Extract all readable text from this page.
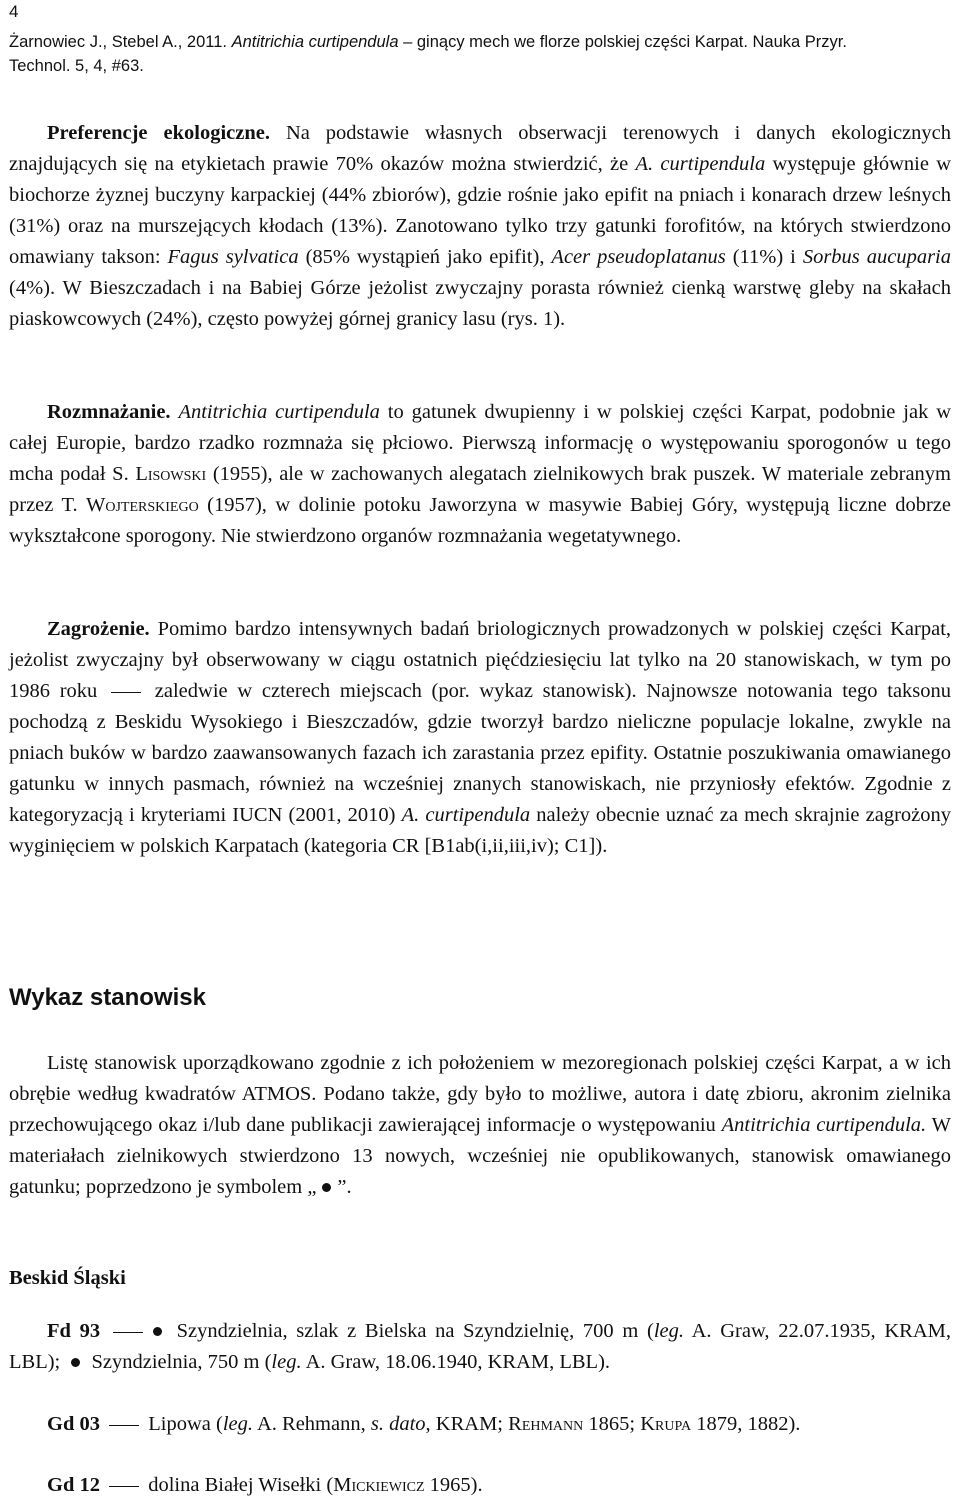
4
Żarnowiec J., Stebel A., 2011. Antitrichia curtipendula – ginący mech we florze polskiej części Karpat. Nauka Przyr.
Technol. 5, 4, #63.
Preferencje ekologiczne. Na podstawie własnych obserwacji terenowych i danych ekologicznych znajdujących się na etykietach prawie 70% okazów można stwierdzić, że A. curtipendula występuje głównie w biochorze żyznej buczyny karpackiej (44% zbiorów), gdzie rośnie jako epifit na pniach i konarach drzew leśnych (31%) oraz na murszejących kłodach (13%). Zanotowano tylko trzy gatunki forofitów, na których stwierdzono omawiany takson: Fagus sylvatica (85% wystąpień jako epifit), Acer pseudoplatanus (11%) i Sorbus aucuparia (4%). W Bieszczadach i na Babiej Górze jeżolist zwyczajny porasta również cienką warstwę gleby na skałach piaskowcowych (24%), często powyżej górnej granicy lasu (rys. 1).
Rozmnażanie. Antitrichia curtipendula to gatunek dwupienny i w polskiej części Karpat, podobnie jak w całej Europie, bardzo rzadko rozmnaża się płciowo. Pierwszą informację o występowaniu sporogonów u tego mcha podał S. Lisowski (1955), ale w zachowanych alegatach zielnikowych brak puszek. W materiale zebranym przez T. Wojterskiego (1957), w dolinie potoku Jaworzyna w masywie Babiej Góry, występują liczne dobrze wykształcone sporogony. Nie stwierdzono organów rozmnażania wegetatywnego.
Zagrożenie. Pomimo bardzo intensywnych badań briologicznych prowadzonych w polskiej części Karpat, jeżolist zwyczajny był obserwowany w ciągu ostatnich pięćdziesięciu lat tylko na 20 stanowiskach, w tym po 1986 roku	zaledwie w czterech miejscach (por. wykaz stanowisk). Najnowsze notowania tego taksonu pochodzą z Beskidu Wysokiego i Bieszczadów, gdzie tworzył bardzo nieliczne populacje lokalne, zwykle na pniach buków w bardzo zaawansowanych fazach ich zarastania przez epifity. Ostatnie poszukiwania omawianego gatunku w innych pasmach, również na wcześniej znanych stanowiskach, nie przyniosły efektów. Zgodnie z kategoryzacją i kryteriami IUCN (2001, 2010) A. curtipendula należy obecnie uznać za mech skrajnie zagrożony wyginięciem w polskich Karpatach (kategoria CR [B1ab(i,ii,iii,iv); C1]).
Wykaz stanowisk
Listę stanowisk uporządkowano zgodnie z ich położeniem w mezoregionach polskiej części Karpat, a w ich obrębie według kwadratów ATMOS. Podano także, gdy było to możliwe, autora i datę zbioru, akronim zielnika przechowującego okaz i/lub dane publikacji zawierającej informacje o występowaniu Antitrichia curtipendula. W materiałach zielnikowych stwierdzono 13 nowych, wcześniej nie opublikowanych, stanowisk omawianego gatunku; poprzedzono je symbolem „ ”.
Beskid Śląski
Fd 93	Szyndzielnia, szlak z Bielska na Szyndzielnię, 700 m (leg. A. Graw, 22.07.1935, KRAM, LBL); Szyndzielnia, 750 m (leg. A. Graw, 18.06.1940, KRAM, LBL).
Gd 03 Lipowa (leg. A. Rehmann, s. dato, KRAM; Rehmann 1865; Krupa 1879, 1882).
Gd 12 dolina Białej Wisełki (Mickiewicz 1965).
